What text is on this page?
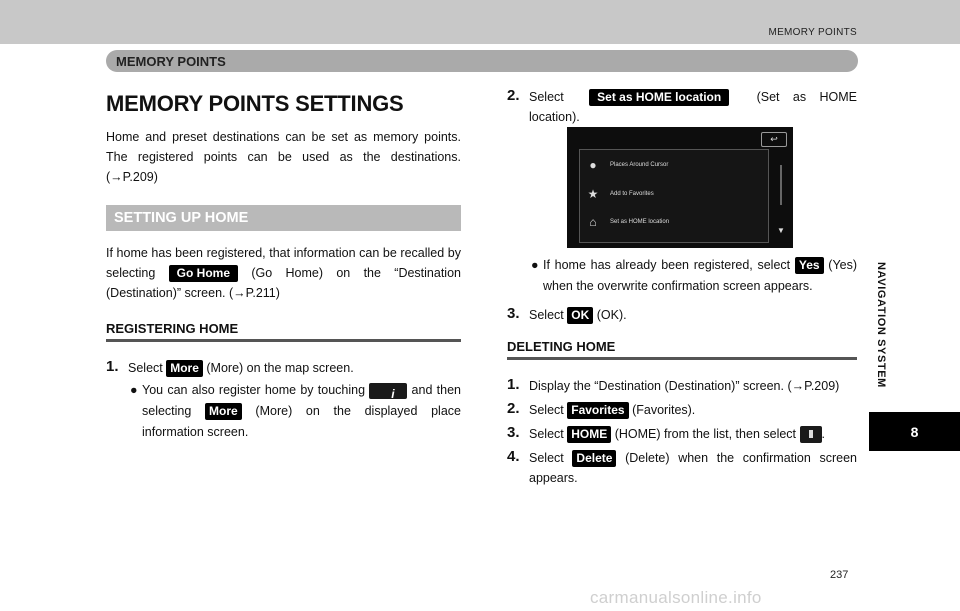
MEMORY POINTS
MEMORY POINTS
NAVIGATION SYSTEM
8
MEMORY POINTS SETTINGS

Home and preset destinations can be set as memory points. The registered points can be used as the destinations. (→P.209)

SETTING UP HOME

If home has been registered, that information can be recalled by selecting Go Home (Go Home) on the “Destination (Destination)” screen. (→P.211)

REGISTERING HOME
1. Select More (More) on the map screen.
● You can also register home by touching i and then selecting More (More) on the displayed place information screen.
2. Select	Set as HOME location	(Set as HOME location).
↩
●	Places Around Cursor
★ Add to Favorites
⌂	Set as HOME location
▼
● If home has already been registered, select Yes (Yes) when the overwrite confirmation screen appears.
3. Select OK (OK).
DELETING HOME
1. Display the “Destination (Destination)” screen. (→P.209)
2. Select Favorites (Favorites).
3. Select HOME (HOME) from the list, then select .
4. Select Delete (Delete) when the confirmation screen appears.
237
carmanualsonline.info
